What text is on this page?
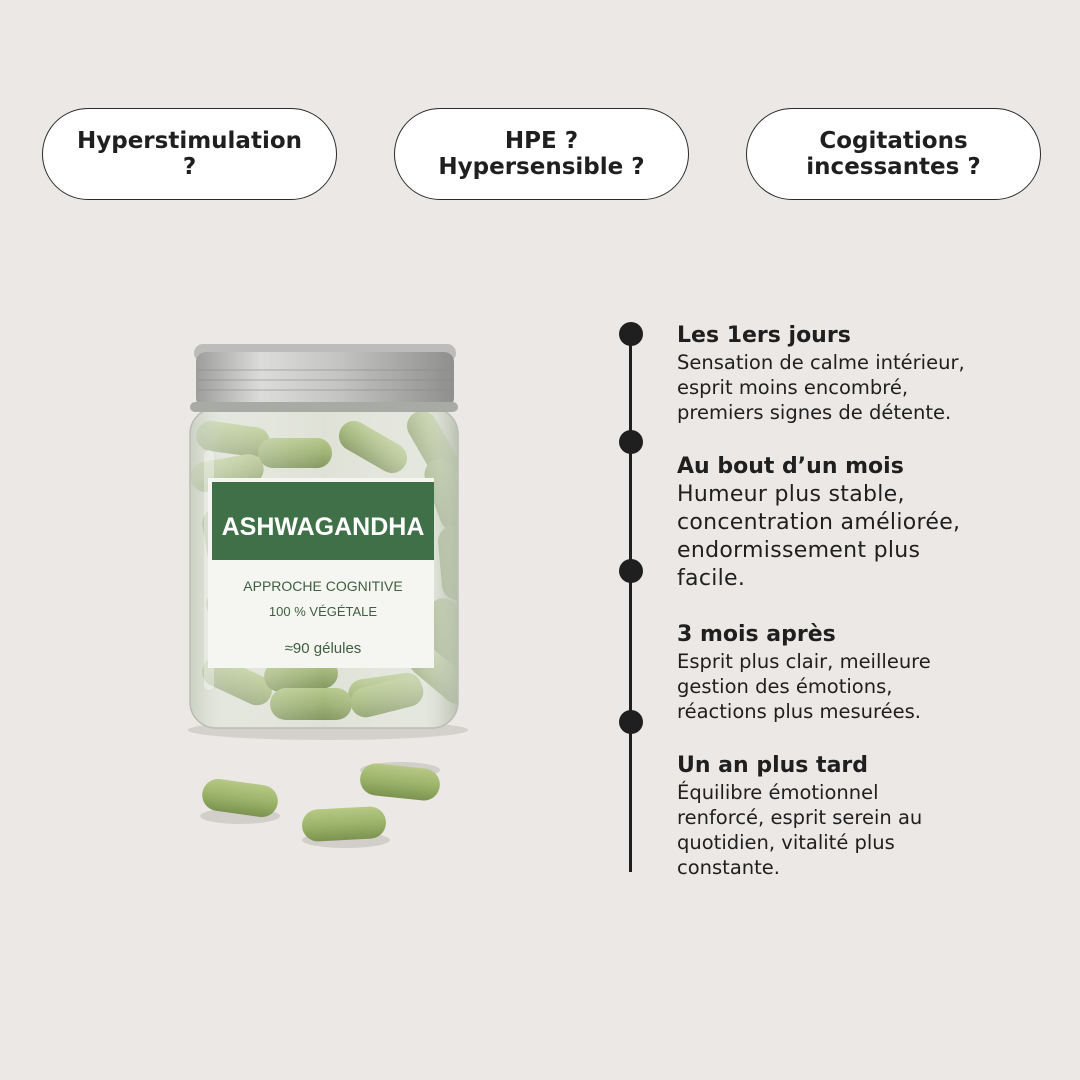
Hyperstimulation
?
HPE ?
Hypersensible ?
Cogitations
incessantes ?
ASHWAGANDHA
APPROCHE COGNITIVE
100 % VÉGÉTALE
≈90 gélules
Les 1ers jours

Sensation de calme intérieur,
esprit moins encombré,
premiers signes de détente.

Au bout d’un mois

Humeur plus stable,
concentration améliorée,
endormissement plus
facile.

3 mois après

Esprit plus clair, meilleure
gestion des émotions,
réactions plus mesurées.

Un an plus tard

Équilibre émotionnel
renforcé, esprit serein au
quotidien, vitalité plus
constante.
